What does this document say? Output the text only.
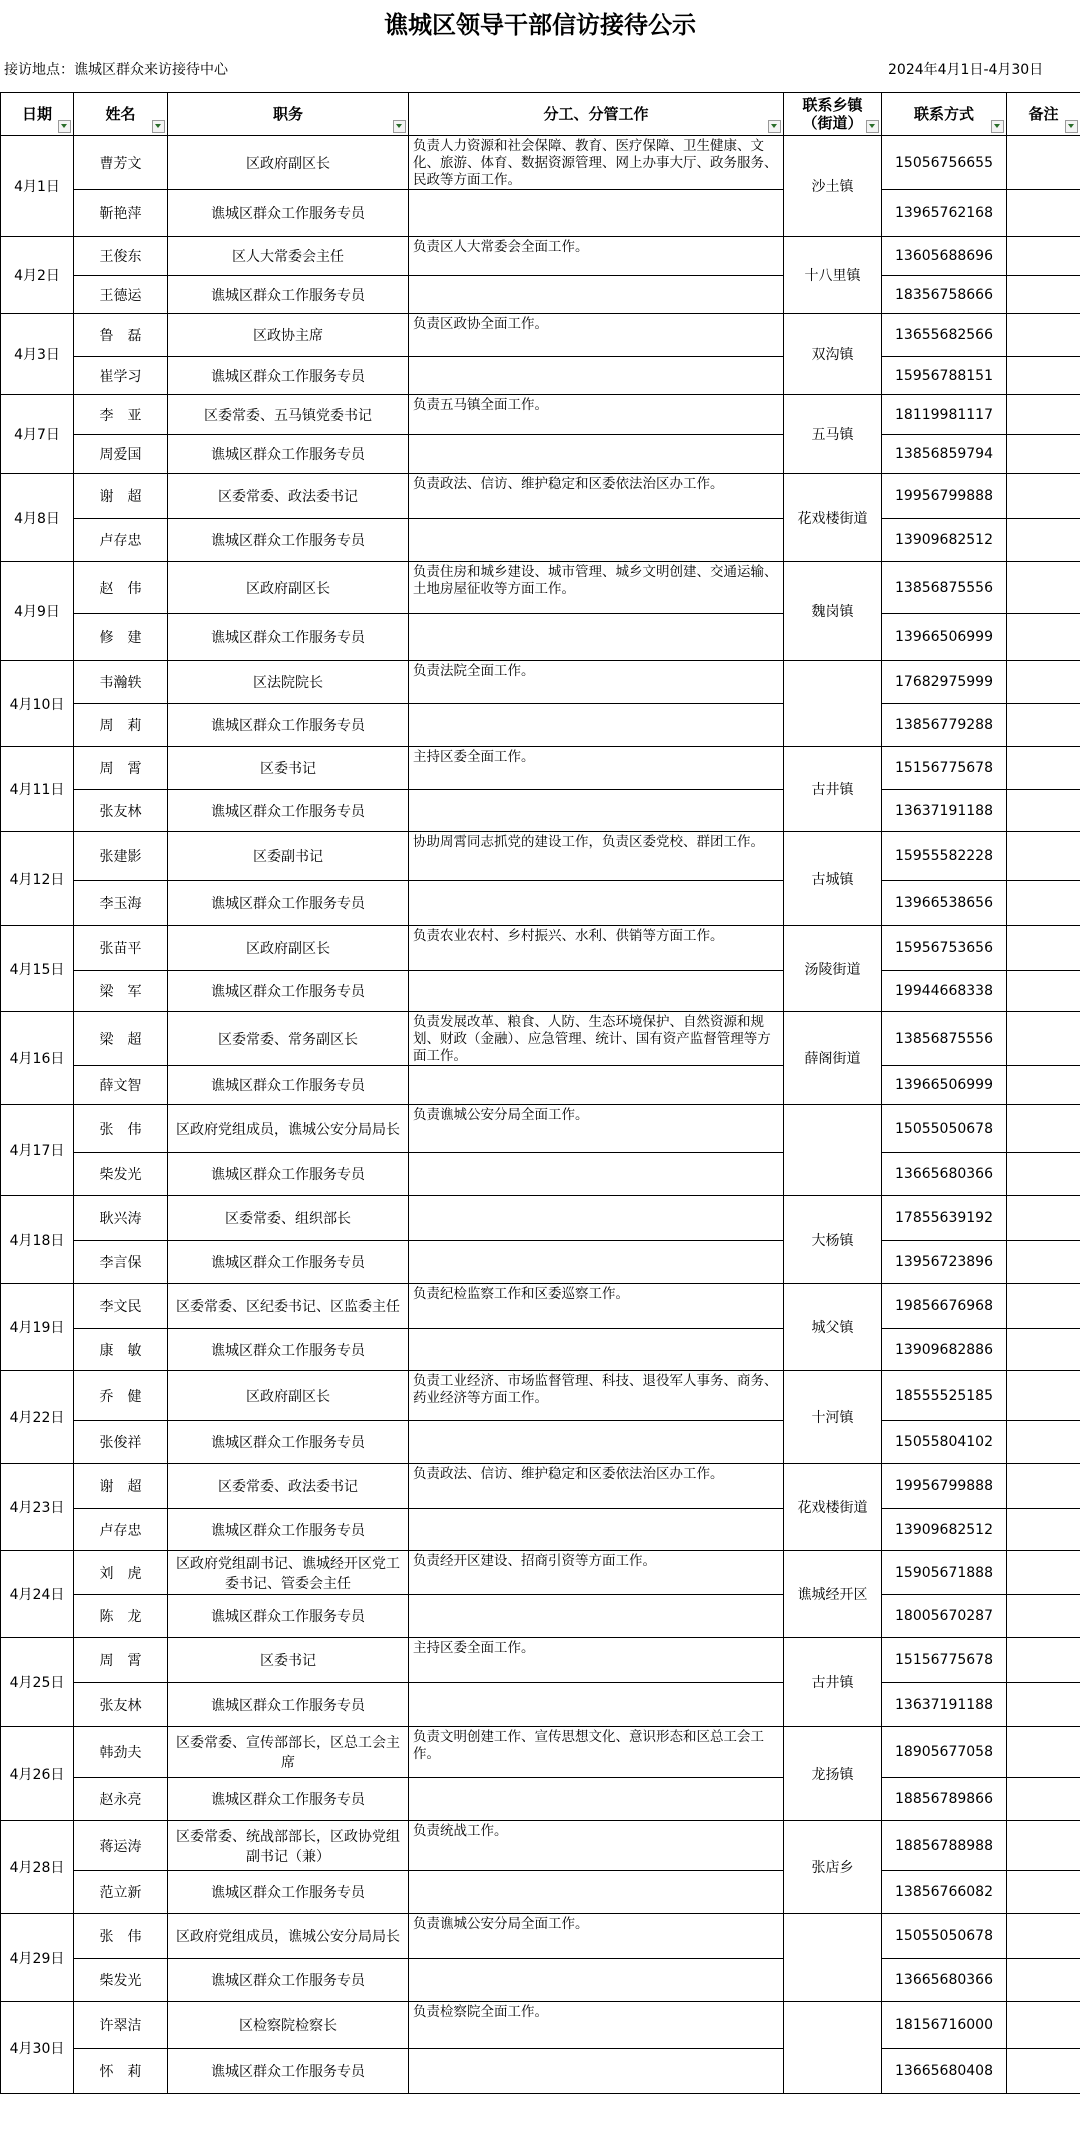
谯城区领导干部信访接待公示
接访地点：谯城区群众来访接待中心	2024年4月1日-4月30日
日期	姓名	职务	分工、分管工作	联系乡镇（街道）	联系方式	备注

4月1日	曹芳文	区政府副区长	负责人力资源和社会保障、教育、医疗保障、卫生健康、文化、旅游、体育、数据资源管理、网上办事大厅、政务服务、民政等方面工作。	沙土镇	15056756655	
	靳艳萍	谯城区群众工作服务专员			13965762168	
4月2日	王俊东	区人大常委会主任	负责区人大常委会全面工作。	十八里镇	13605688696	
	王德运	谯城区群众工作服务专员			18356758666	
4月3日	鲁　磊	区政协主席	负责区政协全面工作。	双沟镇	13655682566	
	崔学习	谯城区群众工作服务专员			15956788151	
4月7日	李　亚	区委常委、五马镇党委书记	负责五马镇全面工作。	五马镇	18119981117	
	周爱国	谯城区群众工作服务专员			13856859794	
4月8日	谢　超	区委常委、政法委书记	负责政法、信访、维护稳定和区委依法治区办工作。	花戏楼街道	19956799888	
	卢存忠	谯城区群众工作服务专员			13909682512	
4月9日	赵　伟	区政府副区长	负责住房和城乡建设、城市管理、城乡文明创建、交通运输、土地房屋征收等方面工作。	魏岗镇	13856875556	
	修　建	谯城区群众工作服务专员			13966506999	
4月10日	韦瀚轶	区法院院长	负责法院全面工作。		17682975999	
	周　莉	谯城区群众工作服务专员			13856779288	
4月11日	周　霄	区委书记	主持区委全面工作。	古井镇	15156775678	
	张友林	谯城区群众工作服务专员			13637191188	
4月12日	张建影	区委副书记	协助周霄同志抓党的建设工作，负责区委党校、群团工作。	古城镇	15955582228	
	李玉海	谯城区群众工作服务专员			13966538656	
4月15日	张苗平	区政府副区长	负责农业农村、乡村振兴、水利、供销等方面工作。	汤陵街道	15956753656	
	梁　军	谯城区群众工作服务专员			19944668338	
4月16日	梁　超	区委常委、常务副区长	负责发展改革、粮食、人防、生态环境保护、自然资源和规划、财政（金融）、应急管理、统计、国有资产监督管理等方面工作。	薛阁街道	13856875556	
	薛文智	谯城区群众工作服务专员			13966506999	
4月17日	张　伟	区政府党组成员，谯城公安分局局长	负责谯城公安分局全面工作。		15055050678	
	柴发光	谯城区群众工作服务专员			13665680366	
4月18日	耿兴涛	区委常委、组织部长		大杨镇	17855639192	
	李言保	谯城区群众工作服务专员			13956723896	
4月19日	李文民	区委常委、区纪委书记、区监委主任	负责纪检监察工作和区委巡察工作。	城父镇	19856676968	
	康　敏	谯城区群众工作服务专员			13909682886	
4月22日	乔　健	区政府副区长	负责工业经济、市场监督管理、科技、退役军人事务、商务、药业经济等方面工作。	十河镇	18555525185	
	张俊祥	谯城区群众工作服务专员			15055804102	
4月23日	谢　超	区委常委、政法委书记	负责政法、信访、维护稳定和区委依法治区办工作。	花戏楼街道	19956799888	
	卢存忠	谯城区群众工作服务专员			13909682512	
4月24日	刘　虎	区政府党组副书记、谯城经开区党工委书记、管委会主任	负责经开区建设、招商引资等方面工作。	谯城经开区	15905671888	
	陈　龙	谯城区群众工作服务专员			18005670287	
4月25日	周　霄	区委书记	主持区委全面工作。	古井镇	15156775678	
	张友林	谯城区群众工作服务专员			13637191188	
4月26日	韩劲夫	区委常委、宣传部部长，区总工会主席	负责文明创建工作、宣传思想文化、意识形态和区总工会工作。	龙扬镇	18905677058	
	赵永亮	谯城区群众工作服务专员			18856789866	
4月28日	蒋运涛	区委常委、统战部部长，区政协党组副书记（兼）	负责统战工作。	张店乡	18856788988	
	范立新	谯城区群众工作服务专员			13856766082	
4月29日	张　伟	区政府党组成员，谯城公安分局局长	负责谯城公安分局全面工作。		15055050678	
	柴发光	谯城区群众工作服务专员			13665680366	
4月30日	许翠洁	区检察院检察长	负责检察院全面工作。		18156716000	
	怀　莉	谯城区群众工作服务专员			13665680408	
